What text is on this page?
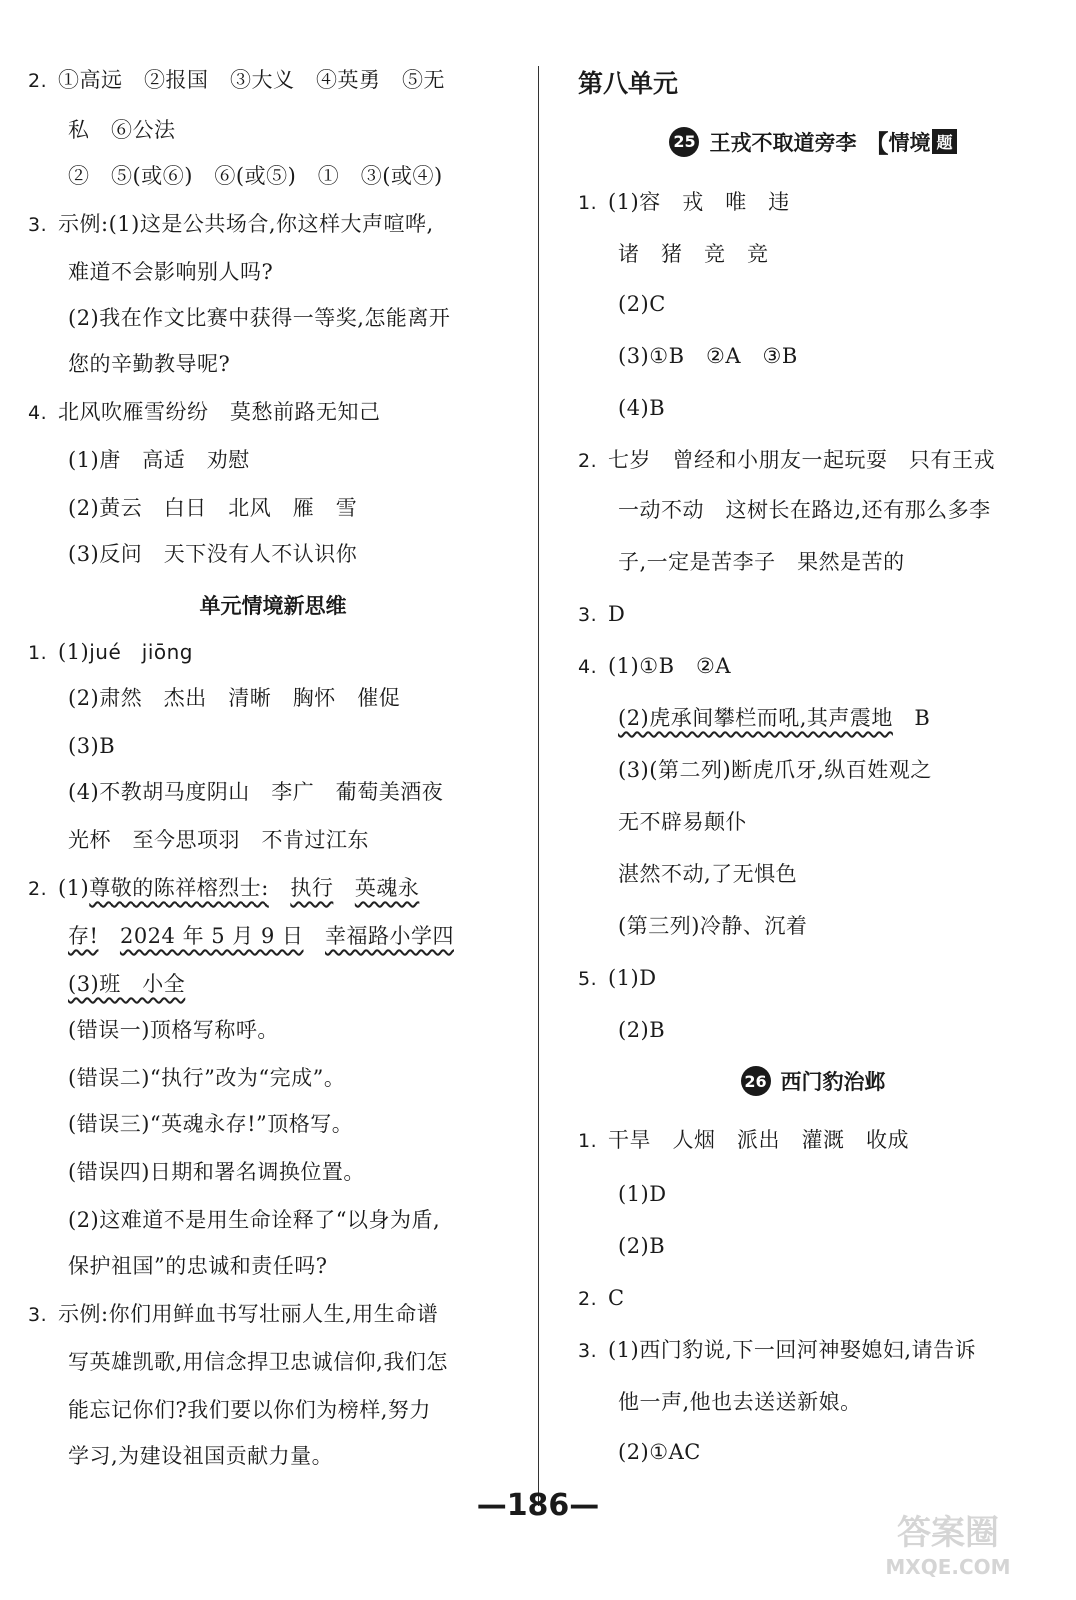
2. ①高远　②报国　③大义　④英勇　⑤无
私　⑥公法
②　⑤(或⑥)　⑥(或⑤)　①　③(或④)
3. 示例:(1)这是公共场合,你这样大声喧哗,
难道不会影响别人吗?
(2)我在作文比赛中获得一等奖,怎能离开
您的辛勤教导呢?
4. 北风吹雁雪纷纷　莫愁前路无知己
(1)唐　高适　劝慰
(2)黄云　白日　北风　雁　雪
(3)反问　天下没有人不认识你
单元情境新思维
1. (1)jué　jiōng
(2)肃然　杰出　清晰　胸怀　催促
(3)B
(4)不教胡马度阴山　李广　葡萄美酒夜
光杯　至今思项羽　不肯过江东
2. (1)尊敬的陈祥榕烈士:　 执行　 英魂永
存!　 2024 年 5 月 9 日　 幸福路小学四
(3)班　小全
(错误一)顶格写称呼。
(错误二)“执行”改为“完成”。
(错误三)“英魂永存!”顶格写。
(错误四)日期和署名调换位置。
(2)这难道不是用生命诠释了“以身为盾,
保护祖国”的忠诚和责任吗?
3. 示例:你们用鲜血书写壮丽人生,用生命谱
写英雄凯歌,用信念捍卫忠诚信仰,我们怎
能忘记你们?我们要以你们为榜样,努力
学习,为建设祖国贡献力量。
第八单元
25 王戎不取道旁李 【 情境 题
1. (1)容　戎　唯　违
诸　猪　竞　竞
(2)C
(3)①B　②A　③B
(4)B
2. 七岁　曾经和小朋友一起玩耍　只有王戎
一动不动　这树长在路边,还有那么多李
子,一定是苦李子　果然是苦的
3. D
4. (1)①B　②A
(2)虎承间攀栏而吼,其声震地　 B
(3)(第二列)断虎爪牙,纵百姓观之
无不辟易颠仆
湛然不动,了无惧色
(第三列)冷静、沉着
5. (1)D
(2)B
26 西门豹治邺
1. 干旱　人烟　派出　灌溉　收成
(1)D
(2)B
2. C
3. (1)西门豹说,下一回河神娶媳妇,请告诉
他一声,他也去送送新娘。
(2)①AC
—186—
答案圈
MXQE.COM
